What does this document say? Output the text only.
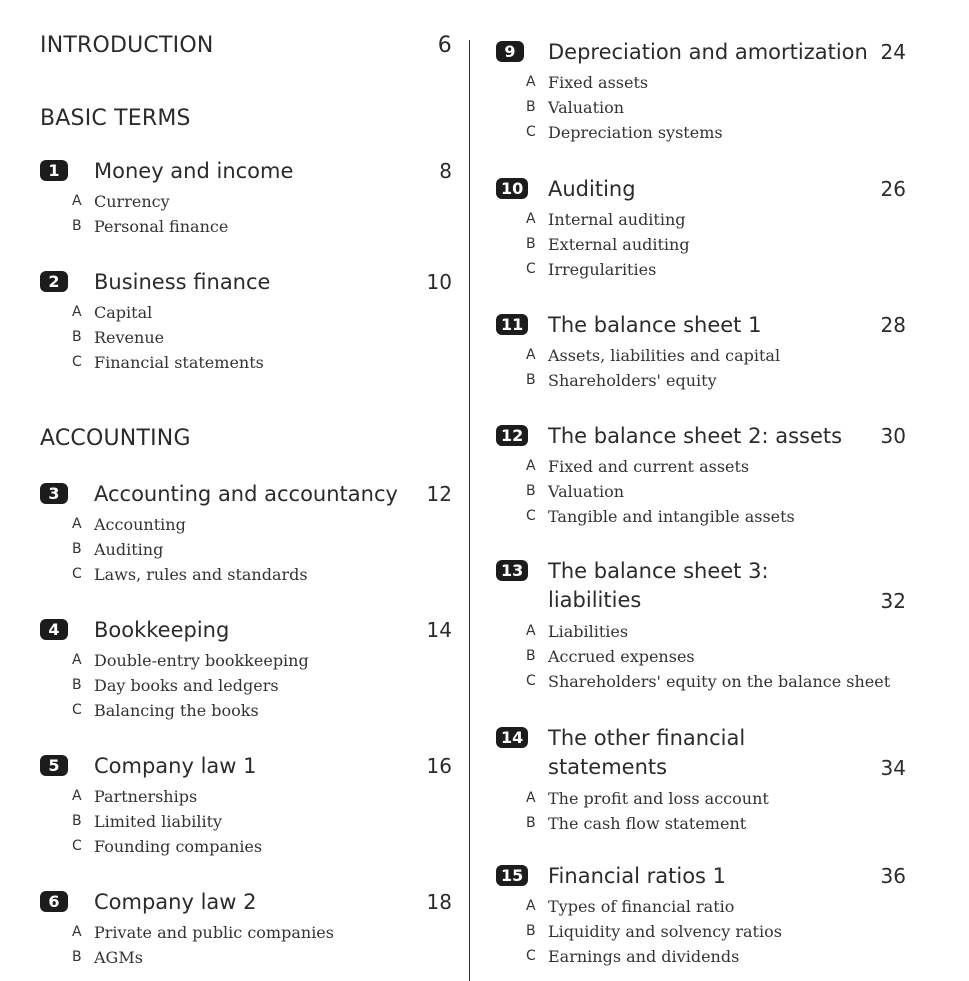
INTRODUCTION	6
BASIC TERMS
1	Money and income	8
A Currency
B Personal finance
2	Business finance	10
A Capital
B Revenue
C Financial statements
ACCOUNTING
3	Accounting and accountancy 12
A Accounting
B Auditing
C Laws, rules and standards
4	Bookkeeping	14
A Double-entry bookkeeping
B Day books and ledgers
C Balancing the books
5	Company law 1	16
A Partnerships
B Limited liability
C Founding companies
6	Company law 2	18
A Private and public companies
B AGMs
9	Depreciation and amortization 24
A Fixed assets
B Valuation
C Depreciation systems
10 Auditing	26
A Internal auditing
B External auditing
C Irregularities
11 The balance sheet 1	28
A Assets, liabilities and capital
B Shareholders' equity
12 The balance sheet 2: assets 30
A Fixed and current assets
B Valuation
C Tangible and intangible assets
13 The balance sheet 3: liabilities	32
A Liabilities
B Accrued expenses
C Shareholders' equity on the balance sheet
14 The other financial statements	34
A The profit and loss account
B The cash flow statement
15 Financial ratios 1	36
A Types of financial ratio
B Liquidity and solvency ratios
C Earnings and dividends
